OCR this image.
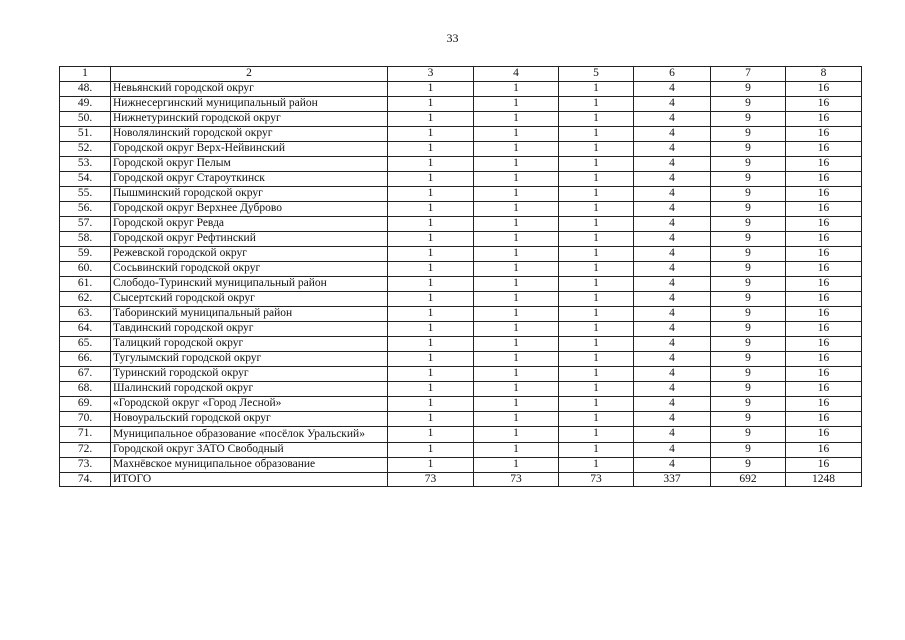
33
1	2	3	4	5	6	7	8
48.	Невьянский городской округ	1	1	1	4	9	16
49.	Нижнесергинский муниципальный район	1	1	1	4	9	16
50.	Нижнетуринский городской округ	1	1	1	4	9	16
51.	Новолялинский городской округ	1	1	1	4	9	16
52.	Городской округ Верх-Нейвинский	1	1	1	4	9	16
53.	Городской округ Пелым	1	1	1	4	9	16
54.	Городской округ Староуткинск	1	1	1	4	9	16
55.	Пышминский городской округ	1	1	1	4	9	16
56.	Городской округ Верхнее Дуброво	1	1	1	4	9	16
57.	Городской округ Ревда	1	1	1	4	9	16
58.	Городской округ Рефтинский	1	1	1	4	9	16
59.	Режевской городской округ	1	1	1	4	9	16
60.	Сосьвинский городской округ	1	1	1	4	9	16
61.	Слободо-Туринский муниципальный район	1	1	1	4	9	16
62.	Сысертский городской округ	1	1	1	4	9	16
63.	Таборинский муниципальный район	1	1	1	4	9	16
64.	Тавдинский городской округ	1	1	1	4	9	16
65.	Талицкий городской округ	1	1	1	4	9	16
66.	Тугулымский городской округ	1	1	1	4	9	16
67.	Туринский городской округ	1	1	1	4	9	16
68.	Шалинский городской округ	1	1	1	4	9	16
69.	«Городской округ «Город Лесной»	1	1	1	4	9	16
70.	Новоуральский городской округ	1	1	1	4	9	16
71.	Муниципальное образование «посёлок Уральский»	1	1	1	4	9	16
72.	Городской округ ЗАТО Свободный	1	1	1	4	9	16
73.	Махнёвское муниципальное образование	1	1	1	4	9	16
74.	ИТОГО	73	73	73	337	692	1248
